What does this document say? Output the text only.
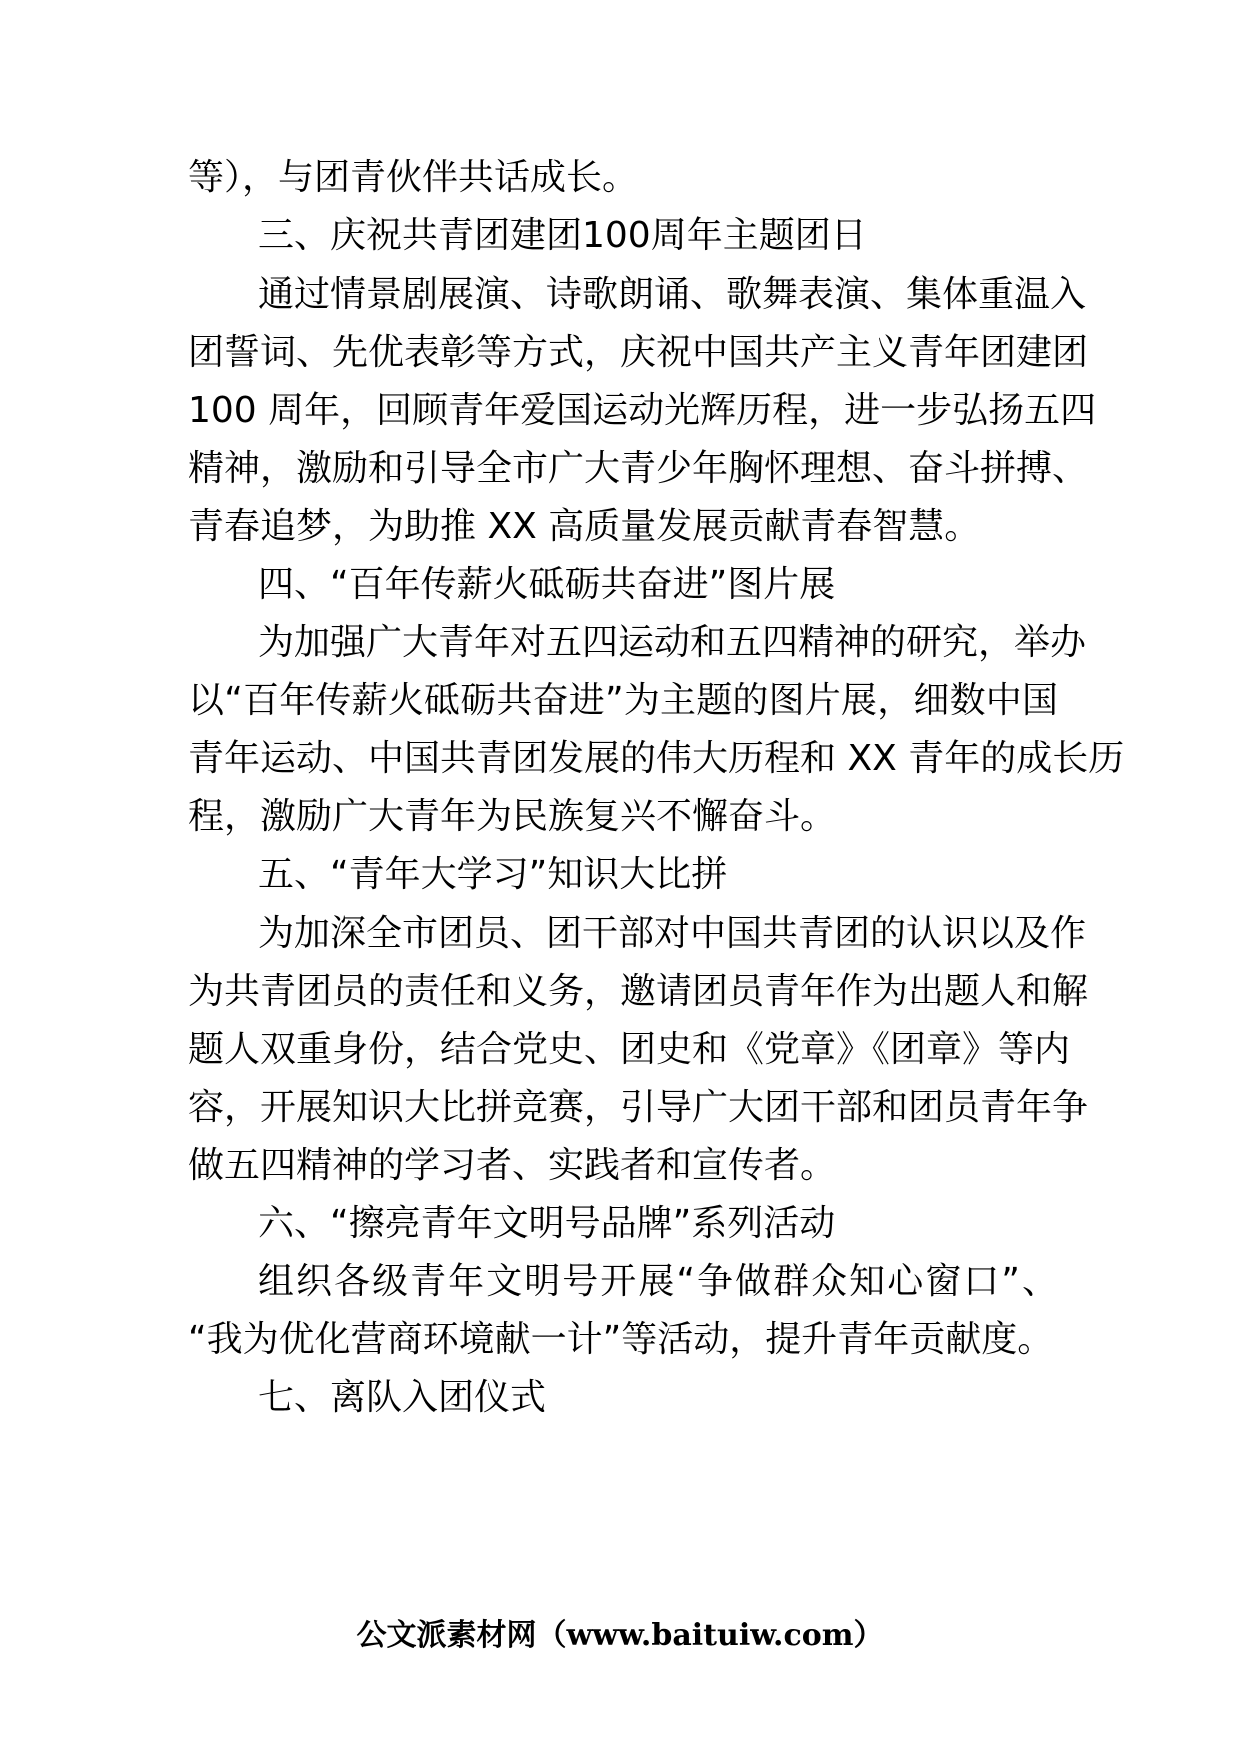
等），与团青伙伴共话成长。
三、庆祝共青团建团100周年主题团日
通过情景剧展演、诗歌朗诵、歌舞表演、集体重温入
团誓词、先优表彰等方式，庆祝中国共产主义青年团建团
100 周年，回顾青年爱国运动光辉历程，进一步弘扬五四
精神，激励和引导全市广大青少年胸怀理想、奋斗拼搏、
青春追梦，为助推 XX 高质量发展贡献青春智慧。
四、“百年传薪火砥砺共奋进”图片展
为加强广大青年对五四运动和五四精神的研究，举办
以“百年传薪火砥砺共奋进”为主题的图片展，细数中国
青年运动、中国共青团发展的伟大历程和 XX 青年的成长历
程，激励广大青年为民族复兴不懈奋斗。
五、“青年大学习”知识大比拼
为加深全市团员、团干部对中国共青团的认识以及作
为共青团员的责任和义务，邀请团员青年作为出题人和解
题人双重身份，结合党史、团史和《党章》《团章》等内
容，开展知识大比拼竞赛，引导广大团干部和团员青年争
做五四精神的学习者、实践者和宣传者。
六、“擦亮青年文明号品牌”系列活动
组织各级青年文明号开展“争做群众知心窗口”、
“我为优化营商环境献一计”等活动，提升青年贡献度。
七、离队入团仪式
公文派素材网（www.baituiw.com）
